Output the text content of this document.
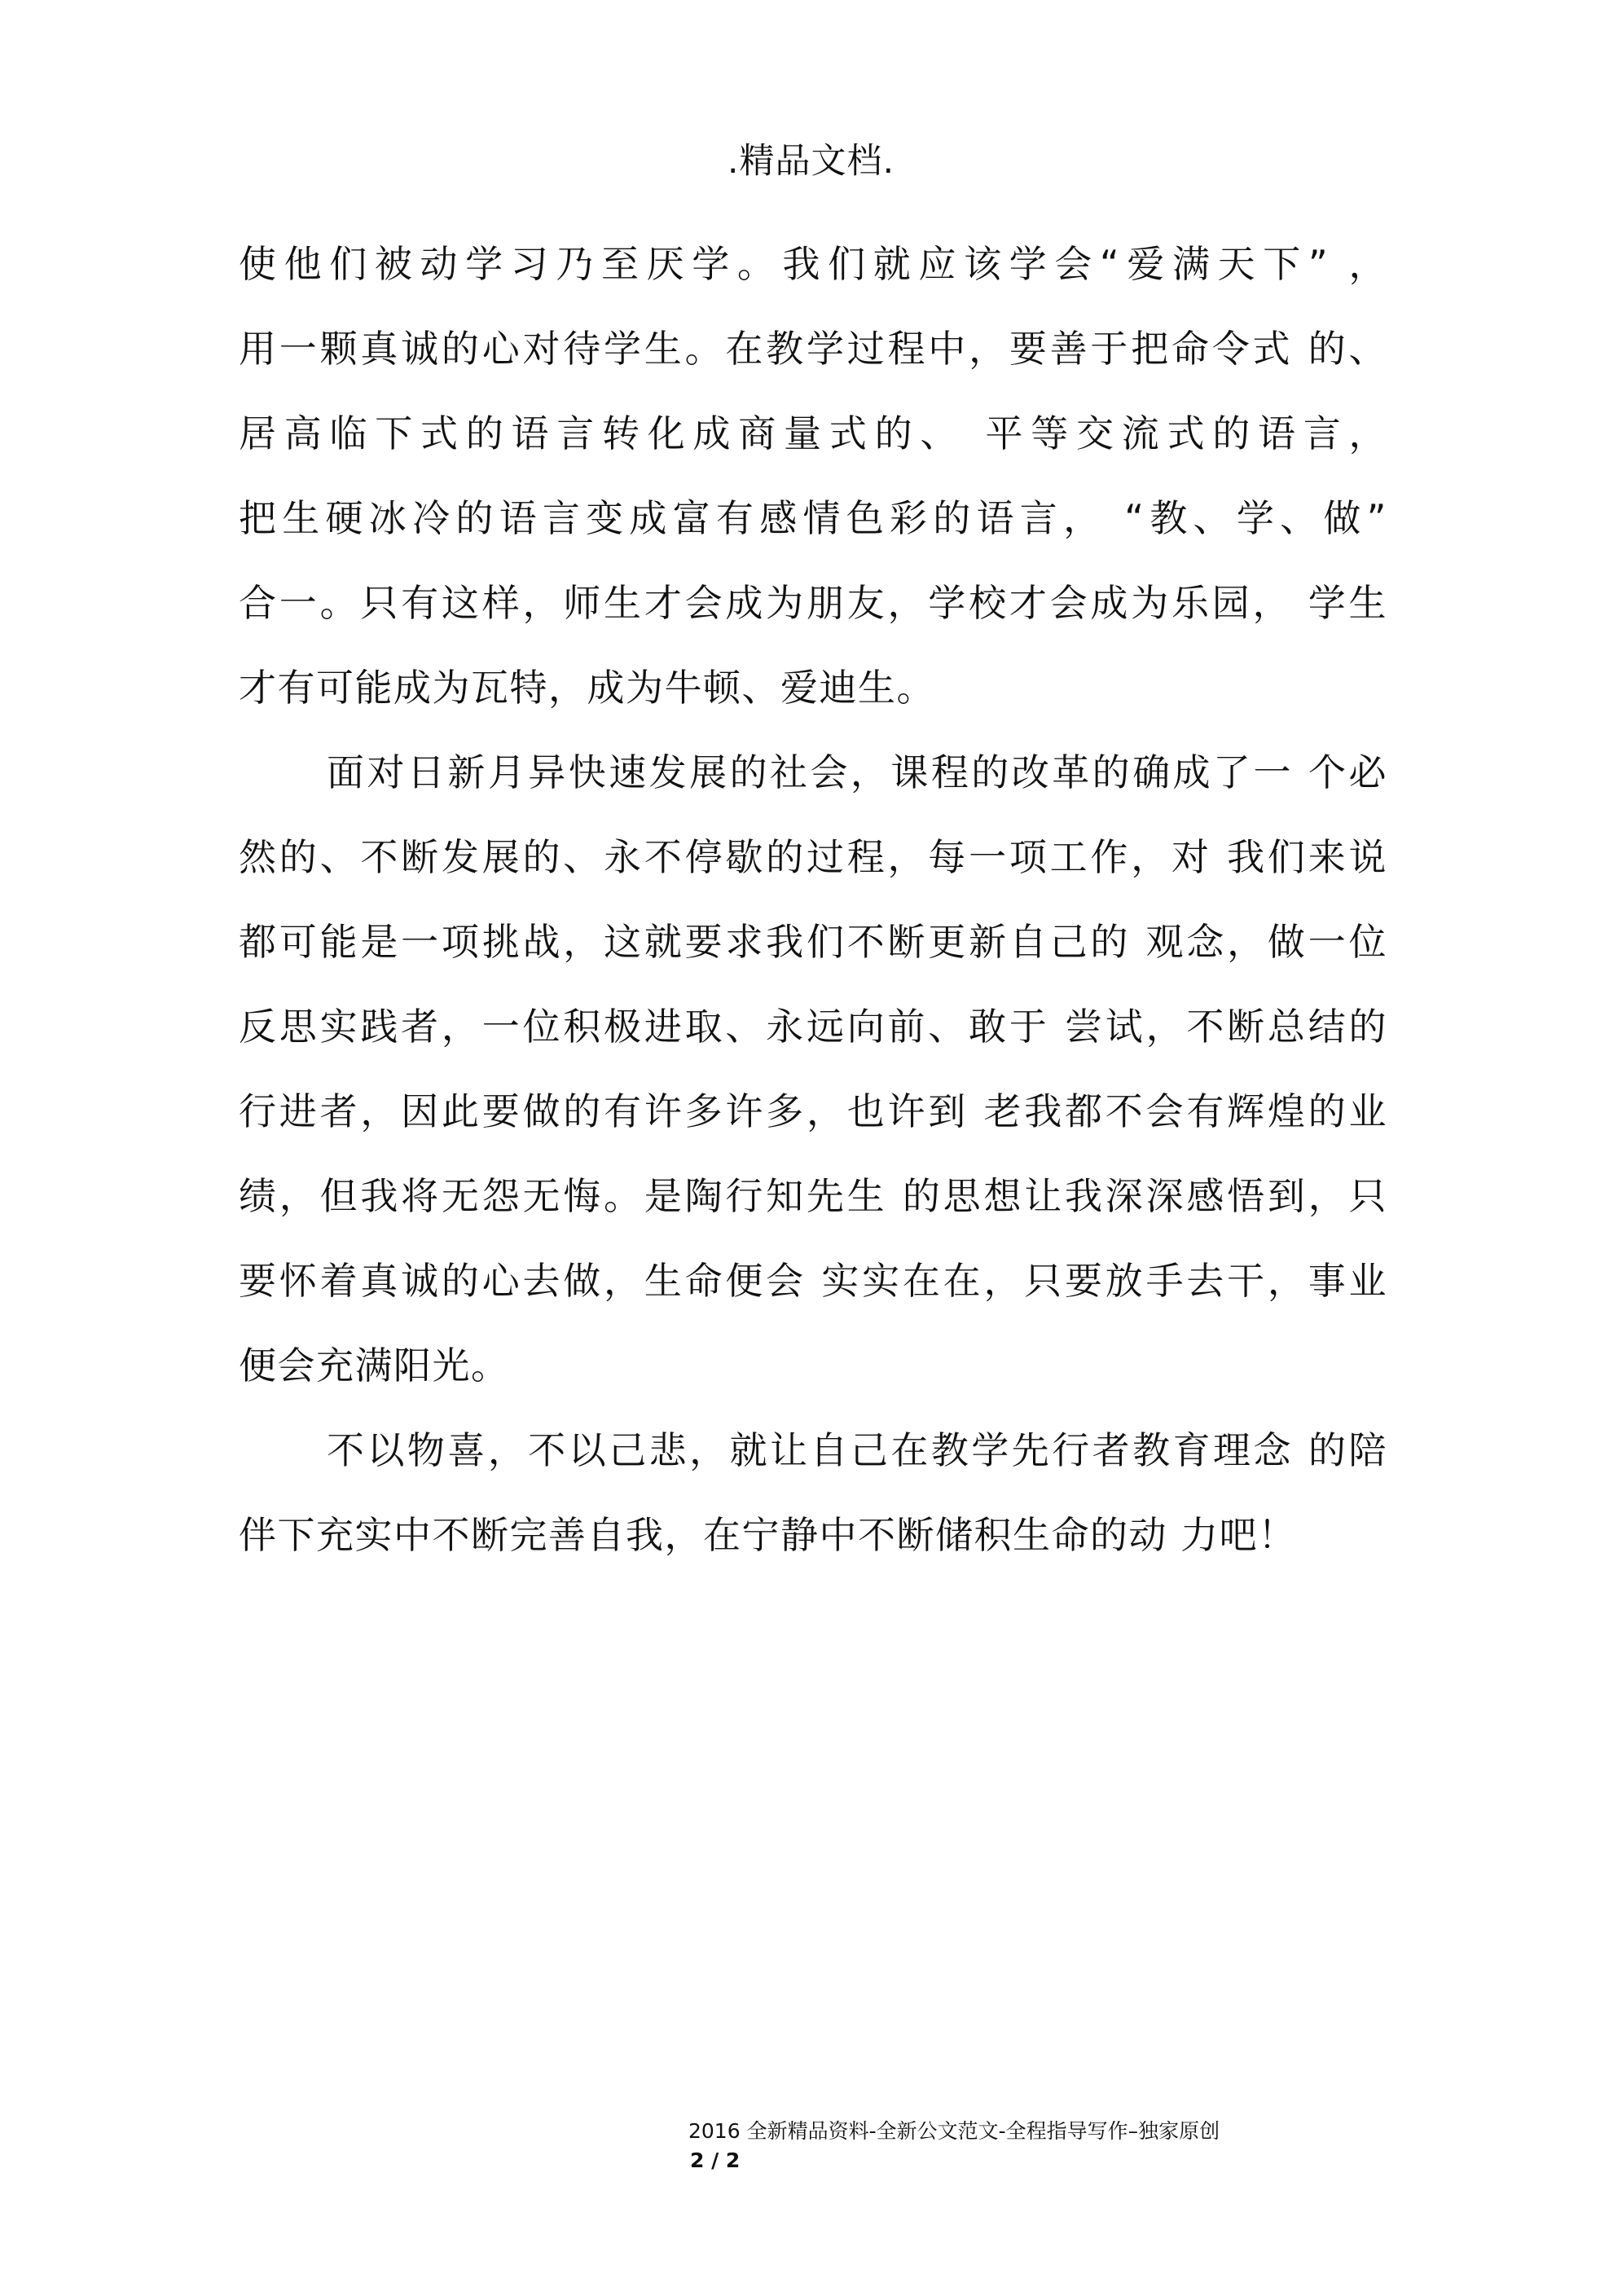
.精品文档.
使他们被动学习乃至厌学。我们就应该学会“爱满天下” ，
用一颗真诚的心对待学生。在教学过程中，要善于把命令式 的、
居高临下式的语言转化成商量式的、 平等交流式的语言，
把生硬冰冷的语言变成富有感情色彩的语言， “教、学、做”
合一。只有这样，师生才会成为朋友，学校才会成为乐园， 学生
才有可能成为瓦特，成为牛顿、爱迪生。
面对日新月异快速发展的社会，课程的改革的确成了一 个必
然的、不断发展的、永不停歇的过程，每一项工作，对 我们来说
都可能是一项挑战，这就要求我们不断更新自己的 观念，做一位
反思实践者，一位积极进取、永远向前、敢于 尝试，不断总结的
行进者，因此要做的有许多许多，也许到 老我都不会有辉煌的业
绩，但我将无怨无悔。是陶行知先生 的思想让我深深感悟到，只
要怀着真诚的心去做，生命便会 实实在在，只要放手去干，事业
便会充满阳光。
不以物喜，不以己悲，就让自己在教学先行者教育理念 的陪
伴下充实中不断完善自我，在宁静中不断储积生命的动 力吧！
2016 全新精品资料-全新公文范文-全程指导写作–独家原创
2 / 2
